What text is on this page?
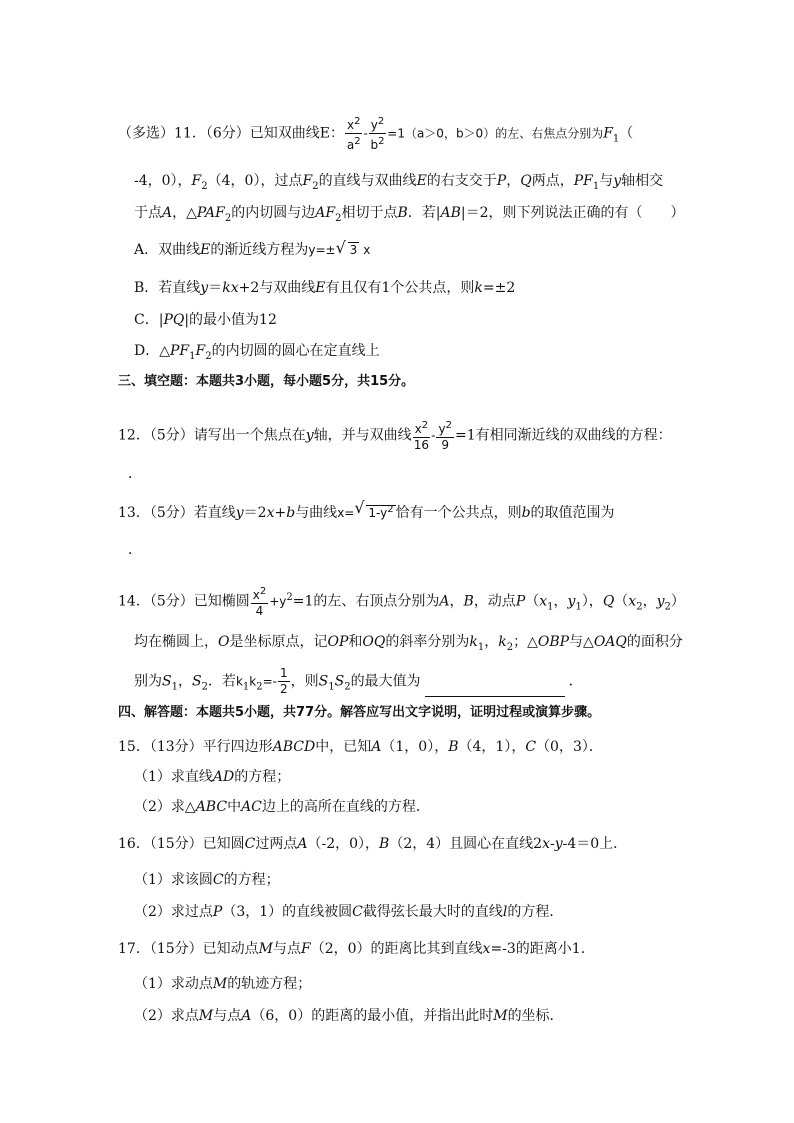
（多选）11．（6分）已知双曲线E： $\frac{x^2}{a^2} - \frac{y^2}{b^2} =1(a>0$，b＞0）的左、右焦点分别为$F_1$（
-4，0），$F_2(4$，0），过点$F_2$的直线与双曲线E的右支交于P，Q两点，$PF_1$与y轴相交
于点A，$\triangle PAF_2$的内切圆与边$AF_2$相切于点B．若|AB|＝2，则下列说法正确的有（　　）
A．双曲线E的渐近线方程为y=± √ 3 x
B．若直线y＝kx+2与双曲线E有且仅有1个公共点，则k=±2
C．|PQ|的最小值为12
D．$\triangle PF_1F_2$的内切圆的圆心在定直线上
三、填空题：本题共3小题，每小题5分，共15分。
12．（5分）请写出一个焦点在y轴，并与双曲线 $\frac{x^2}{16} - \frac{y^2}{9} =1$有相同渐近线的双曲线的方程：
．
13．（5分）若直线y＝2x+b与曲线x= √ $1-y^2$ 恰有一个公共点，则b的取值范围为
．
14．（5分）已知椭圆 $\frac{x^2}{4} +y^2=1$的左、右顶点分别为A，B，动点$P(x_1$，$y_1$），$Q(x_2$，$y_2$）
均在椭圆上，O是坐标原点，记OP和OQ的斜率分别为$k_1$，$k_2$；△OBP与△OAQ的面积分
别为$S_1$，$S_2$．若$k_1k_2=- \frac{1}{2}$ ，则$S_1S_2$的最大值为	．
四、解答题：本题共5小题，共77分。解答应写出文字说明，证明过程或演算步骤。
15．（13分）平行四边形ABCD中，已知A（1，0），B（4，1），C（0，3）．
（1）求直线AD的方程；
（2）求△ABC中AC边上的高所在直线的方程．
16．（15分）已知圆C过两点A（-2，0），B（2，4）且圆心在直线2x-y-4＝0上．
（1）求该圆C的方程；
（2）求过点P（3，1）的直线被圆C截得弦长最大时的直线l的方程．
17．（15分）已知动点M与点F（2，0）的距离比其到直线x=-3的距离小1．
（1）求动点M的轨迹方程；
（2）求点M与点A（6，0）的距离的最小值，并指出此时M的坐标．
